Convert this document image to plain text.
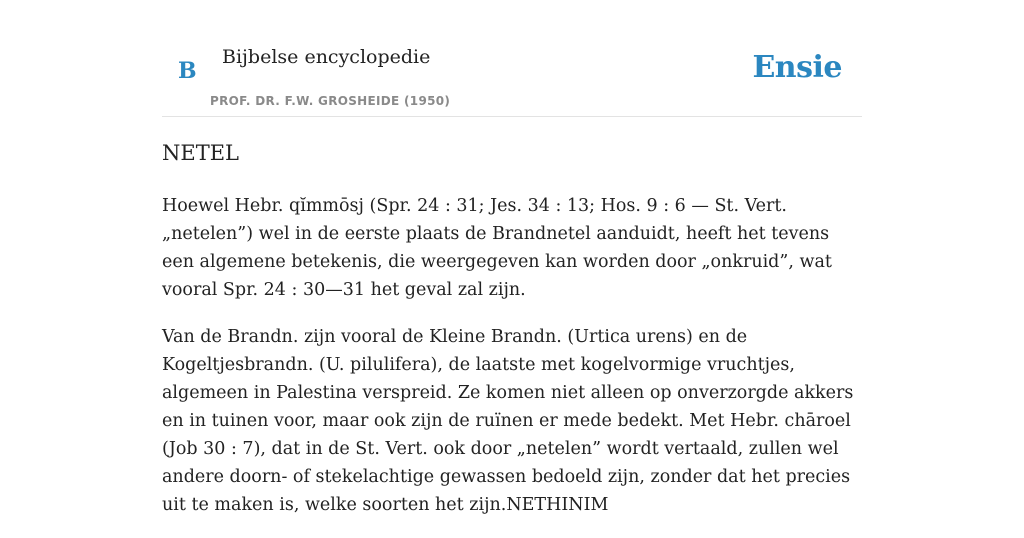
B
Bijbelse encyclopedie
PROF. DR. F.W. GROSHEIDE (1950)
Ensie
NETEL

Hoewel Hebr. qĭmmōsj (Spr. 24 : 31; Jes. 34 : 13; Hos. 9 : 6 — St. Vert. „netelen”) wel in de eerste plaats de Brandnetel aanduidt, heeft het tevens een algemene betekenis, die weergegeven kan worden door „onkruid”, wat vooral Spr. 24 : 30—31 het geval zal zijn.

Van de Brandn. zijn vooral de Kleine Brandn. (Urtica urens) en de Kogeltjesbrandn. (U. pilulifera), de laatste met kogelvormige vruchtjes, algemeen in Palestina verspreid. Ze komen niet alleen op onverzorgde akkers en in tuinen voor, maar ook zijn de ruïnen er mede bedekt. Met Hebr. chāroel (Job 30 : 7), dat in de St. Vert. ook door „netelen” wordt vertaald, zullen wel andere doorn- of stekelachtige gewassen bedoeld zijn, zonder dat het precies uit te maken is, welke soorten het zijn.NETHINIM
